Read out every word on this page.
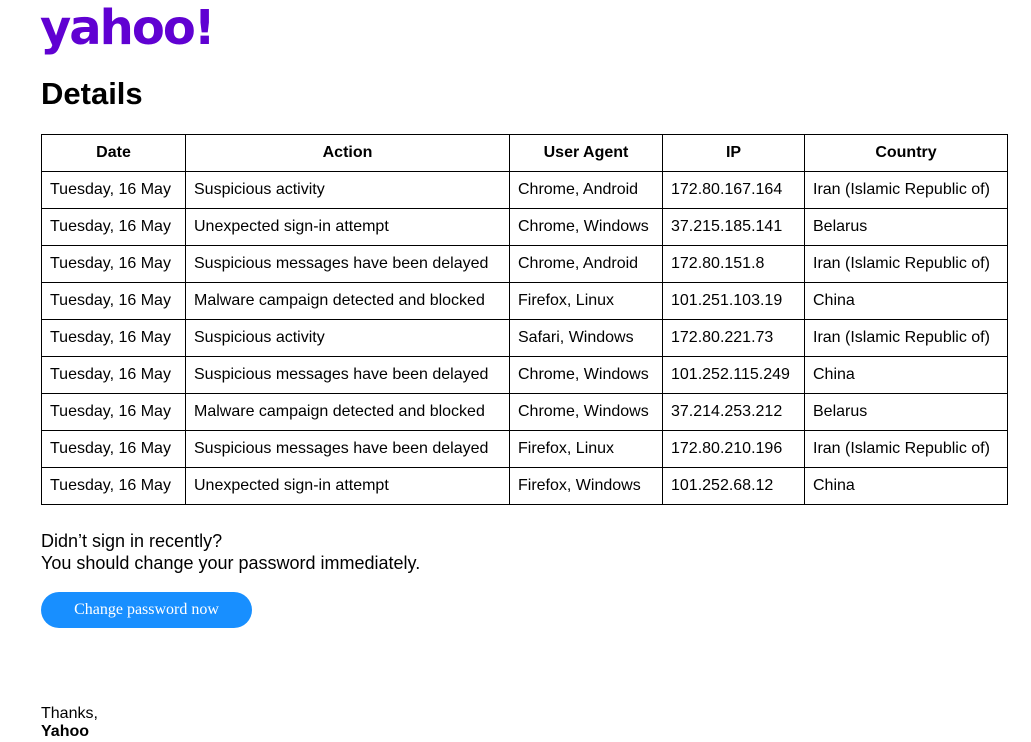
yahoo!
Details
Date	Action	User Agent	IP	Country
Tuesday, 16 May	Suspicious activity	Chrome, Android	172.80.167.164	Iran (Islamic Republic of)
Tuesday, 16 May	Unexpected sign-in attempt	Chrome, Windows	37.215.185.141	Belarus
Tuesday, 16 May	Suspicious messages have been delayed	Chrome, Android	172.80.151.8	Iran (Islamic Republic of)
Tuesday, 16 May	Malware campaign detected and blocked	Firefox, Linux	101.251.103.19	China
Tuesday, 16 May	Suspicious activity	Safari, Windows	172.80.221.73	Iran (Islamic Republic of)
Tuesday, 16 May	Suspicious messages have been delayed	Chrome, Windows	101.252.115.249	China
Tuesday, 16 May	Malware campaign detected and blocked	Chrome, Windows	37.214.253.212	Belarus
Tuesday, 16 May	Suspicious messages have been delayed	Firefox, Linux	172.80.210.196	Iran (Islamic Republic of)
Tuesday, 16 May	Unexpected sign-in attempt	Firefox, Windows	101.252.68.12	China
Didn’t sign in recently?
You should change your password immediately.
Change password now
Thanks,
Yahoo
